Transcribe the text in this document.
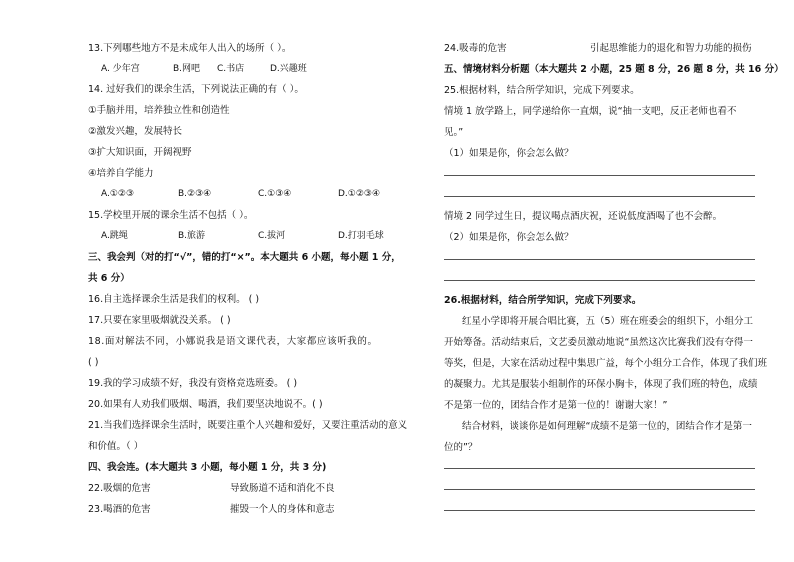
13.下列哪些地方不是未成年人出入的场所（ ）。
A. 少年宫	B.网吧 C.书店	D.兴趣班
14. 过好我们的课余生活，下列说法正确的有（ ）。
①手脑并用，培养独立性和创造性
②激发兴趣，发展特长
③扩大知识面，开阔视野
④培养自学能力
A.①②③	B.②③④	C.①③④	D.①②③④
15.学校里开展的课余生活不包括（ ）。
A.跳绳	B.旅游	C.拔河	D.打羽毛球
三、我会判（对的打“√”，错的打“×”。本大题共 6 小题，每小题 1 分，
共 6 分）
16.自主选择课余生活是我们的权利。 ( )
17.只要在家里吸烟就没关系。 ( )
18.面对解法不同，小娜说我是语文课代表，大家都应该听我的。
( )
19.我的学习成绩不好，我没有资格竞选班委。 ( )
20.如果有人劝我们吸烟、喝酒，我们要坚决地说不。( )
21.当我们选择课余生活时，既要注重个人兴趣和爱好，又要注重活动的意义
和价值。（ ）
四、我会连。(本大题共 3 小题，每小题 1 分，共 3 分)
22.吸烟的危害	导致肠道不适和消化不良
23.喝酒的危害	摧毁一个人的身体和意志
24.吸毒的危害	引起思维能力的退化和智力功能的损伤
五、情境材料分析题（本大题共 2 小题，25 题 8 分，26 题 8 分，共 16 分）
25.根据材料，结合所学知识，完成下列要求。
情境 1 放学路上，同学递给你一直烟，说“抽一支吧，反正老师也看不
见。”
（1）如果是你，你会怎么做？
情境 2 同学过生日，提议喝点酒庆祝，还说低度酒喝了也不会醉。
（2）如果是你，你会怎么做？
26.根据材料，结合所学知识，完成下列要求。
红星小学即将开展合唱比赛，五（5）班在班委会的组织下，小组分工
开始筹备。活动结束后，文艺委员激动地说“虽然这次比赛我们没有夺得一
等奖，但是，大家在活动过程中集思广益，每个小组分工合作，体现了我们班
的凝聚力。尤其是服装小组制作的环保小胸卡，体现了我们班的特色，成绩
不是第一位的，团结合作才是第一位的！谢谢大家！”
结合材料，谈谈你是如何理解“成绩不是第一位的，团结合作才是第一
位的”？
